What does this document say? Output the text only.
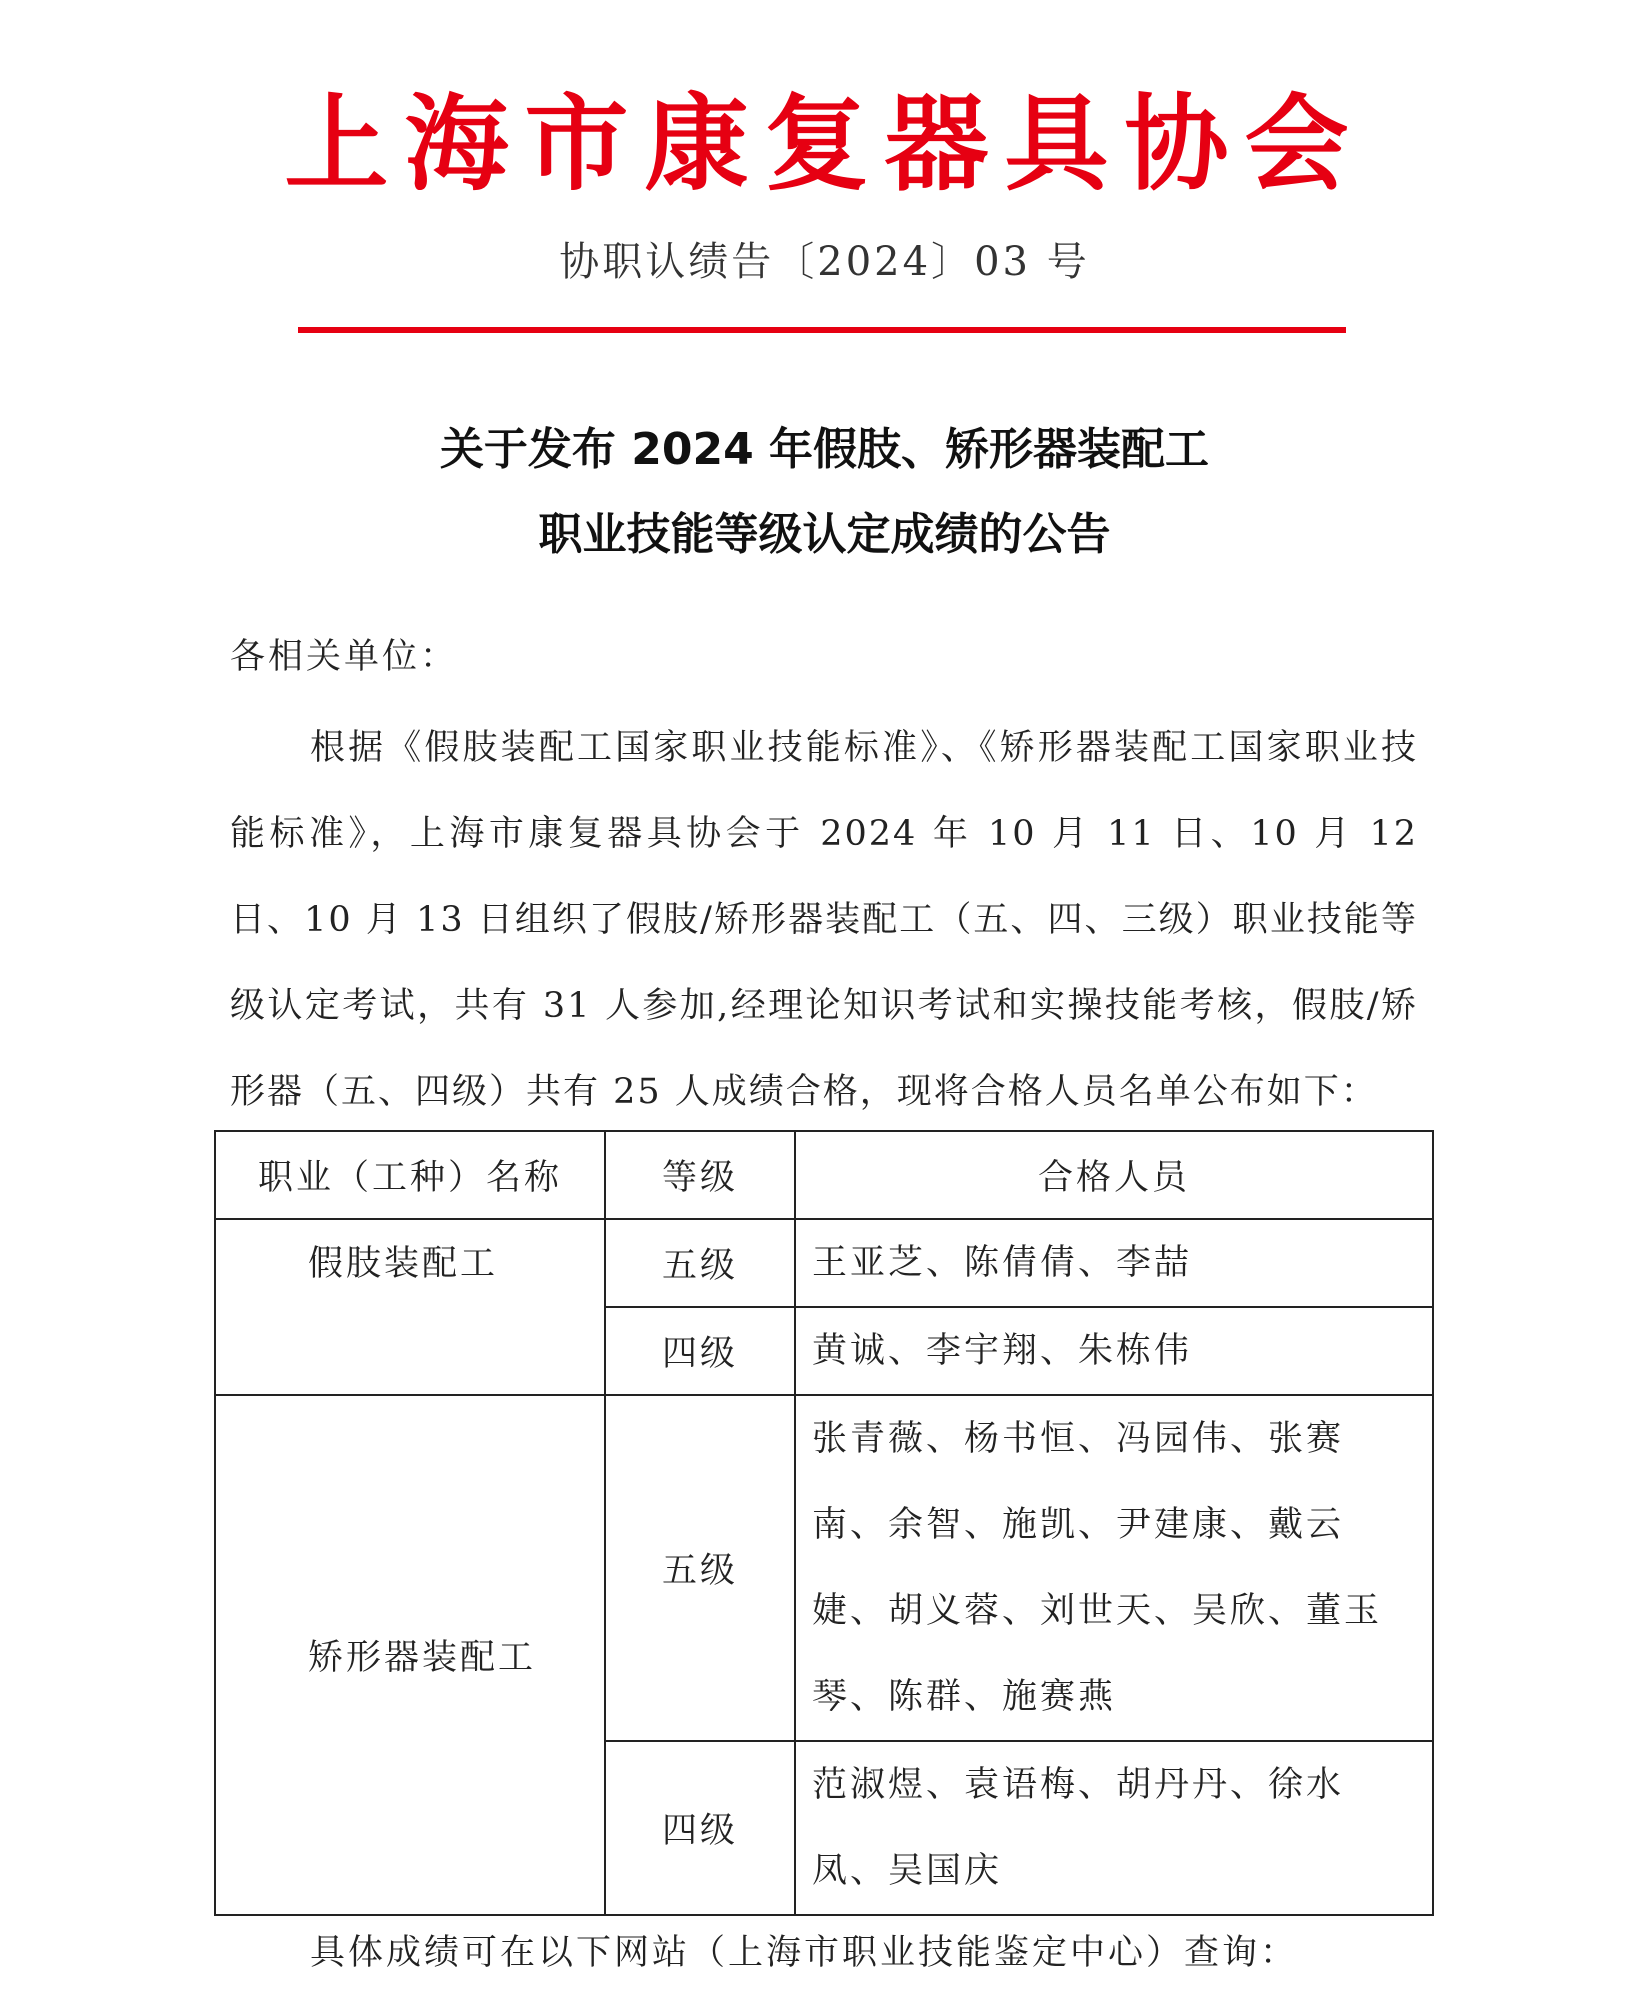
上海市康复器具协会
协职认绩告〔2024〕03 号
关于发布 2024 年假肢、矫形器装配工
职业技能等级认定成绩的公告
各相关单位：

根据《假肢装配工国家职业技能标准》、《矫形器装配工国家职业技能标准》，上海市康复器具协会于 2024 年 10 月 11 日、10 月 12 日、10 月 13 日组织了假肢/矫形器装配工（五、四、三级）职业技能等级认定考试，共有 31 人参加,经理论知识考试和实操技能考核，假肢/矫形器（五、四级）共有 25 人成绩合格，现将合格人员名单公布如下：

职业（工种）名称	等级	合格人员
假肢装配工	五级	王亚芝、陈倩倩、李喆
	四级	黄诚、李宇翔、朱栋伟
矫形器装配工	五级	张青薇、杨书恒、冯园伟、张赛南、余智、施凯、尹建康、戴云婕、胡义蓉、刘世天、吴欣、董玉琴、陈群、施赛燕
	四级	范淑煜、袁语梅、胡丹丹、徐水凤、吴国庆
具体成绩可在以下网站（上海市职业技能鉴定中心）查询：
